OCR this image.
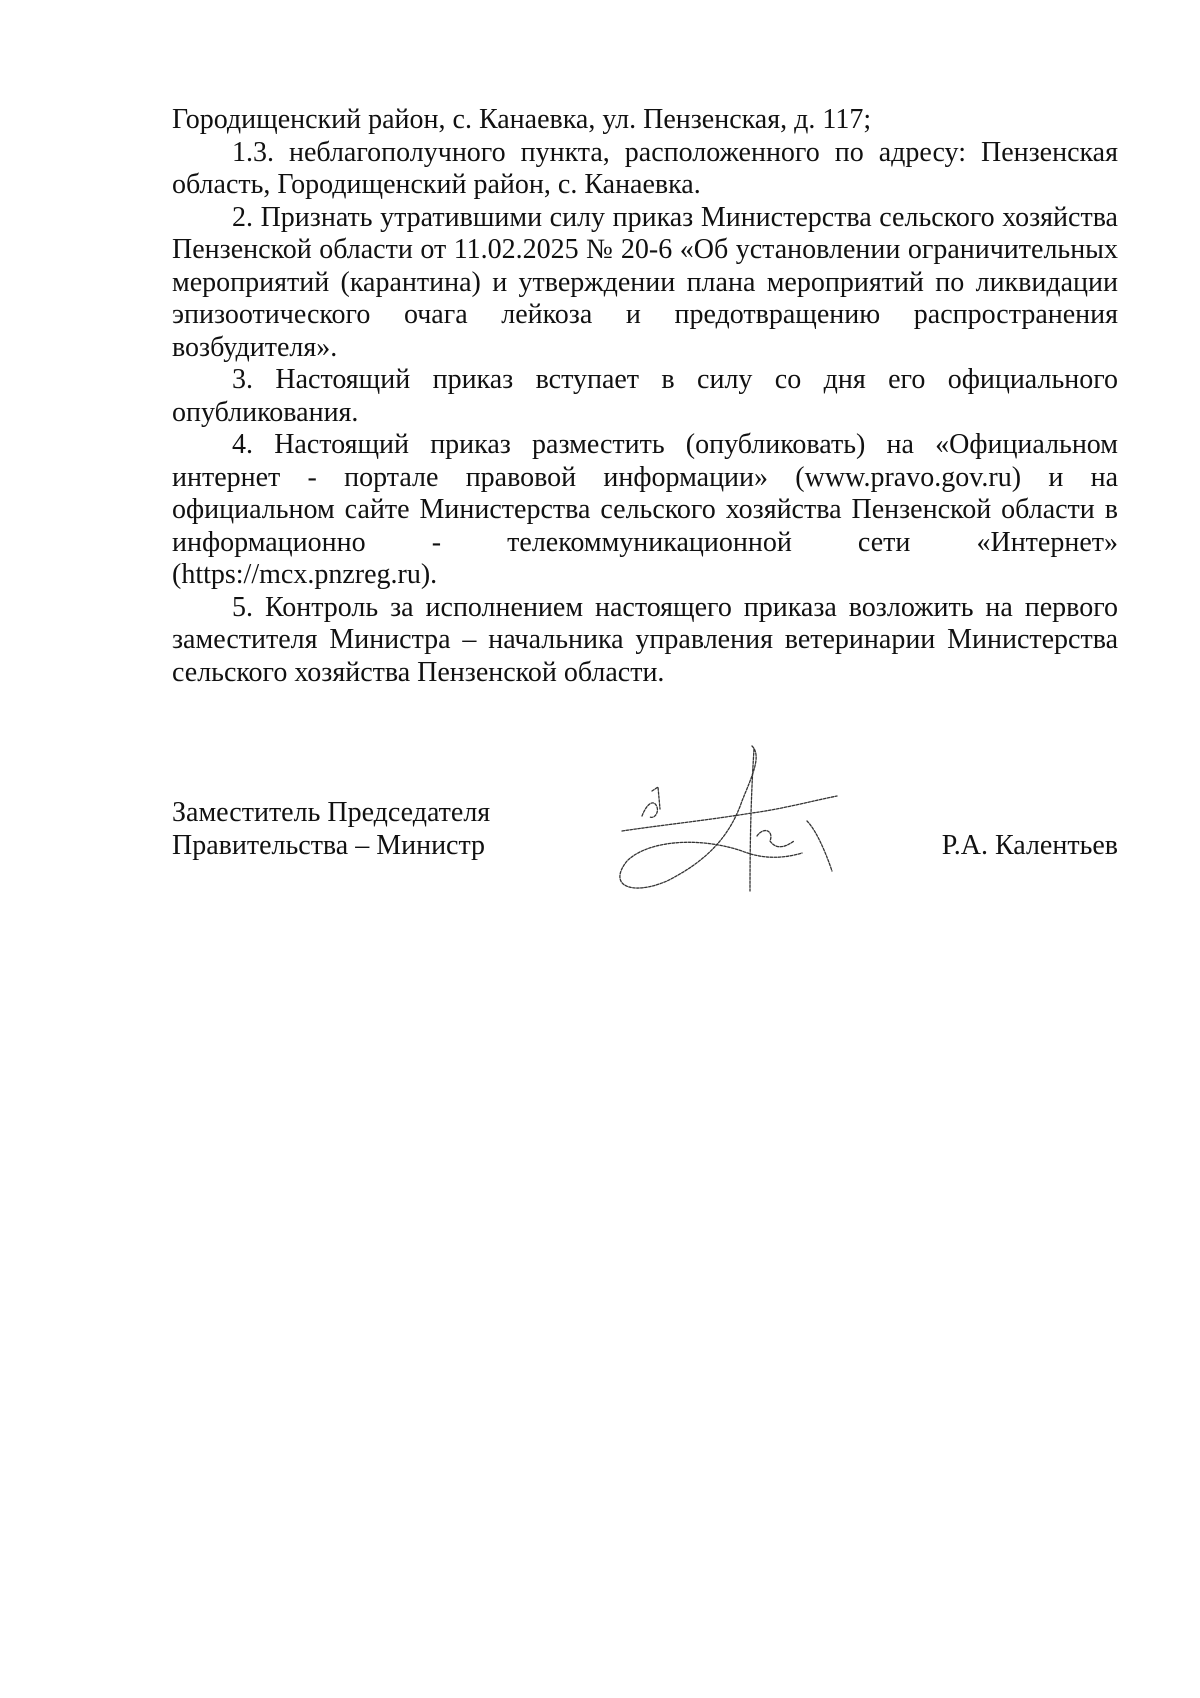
Городищенский район, с. Канаевка, ул. Пензенская, д. 117;

1.3. неблагополучного пункта, расположенного по адресу: Пензенская область, Городищенский район, с. Канаевка.

2. Признать утратившими силу приказ Министерства сельского хозяйства Пензенской области от 11.02.2025 № 20-6 «Об установлении ограничительных мероприятий (карантина) и утверждении плана мероприятий по ликвидации эпизоотического очага лейкоза и предотвращению распространения возбудителя».

3. Настоящий приказ вступает в силу со дня его официального опубликования.

4. Настоящий приказ разместить (опубликовать) на «Официальном интернет - портале правовой информации» (www.pravo.gov.ru) и на официальном сайте Министерства сельского хозяйства Пензенской области в информационно - телекоммуникационной сети «Интернет» (https://mcx.pnzreg.ru).

5. Контроль за исполнением настоящего приказа возложить на первого заместителя Министра – начальника управления ветеринарии Министерства сельского хозяйства Пензенской области.

Заместитель Председателя
Правительства – Министр	Р.А. Калентьев
